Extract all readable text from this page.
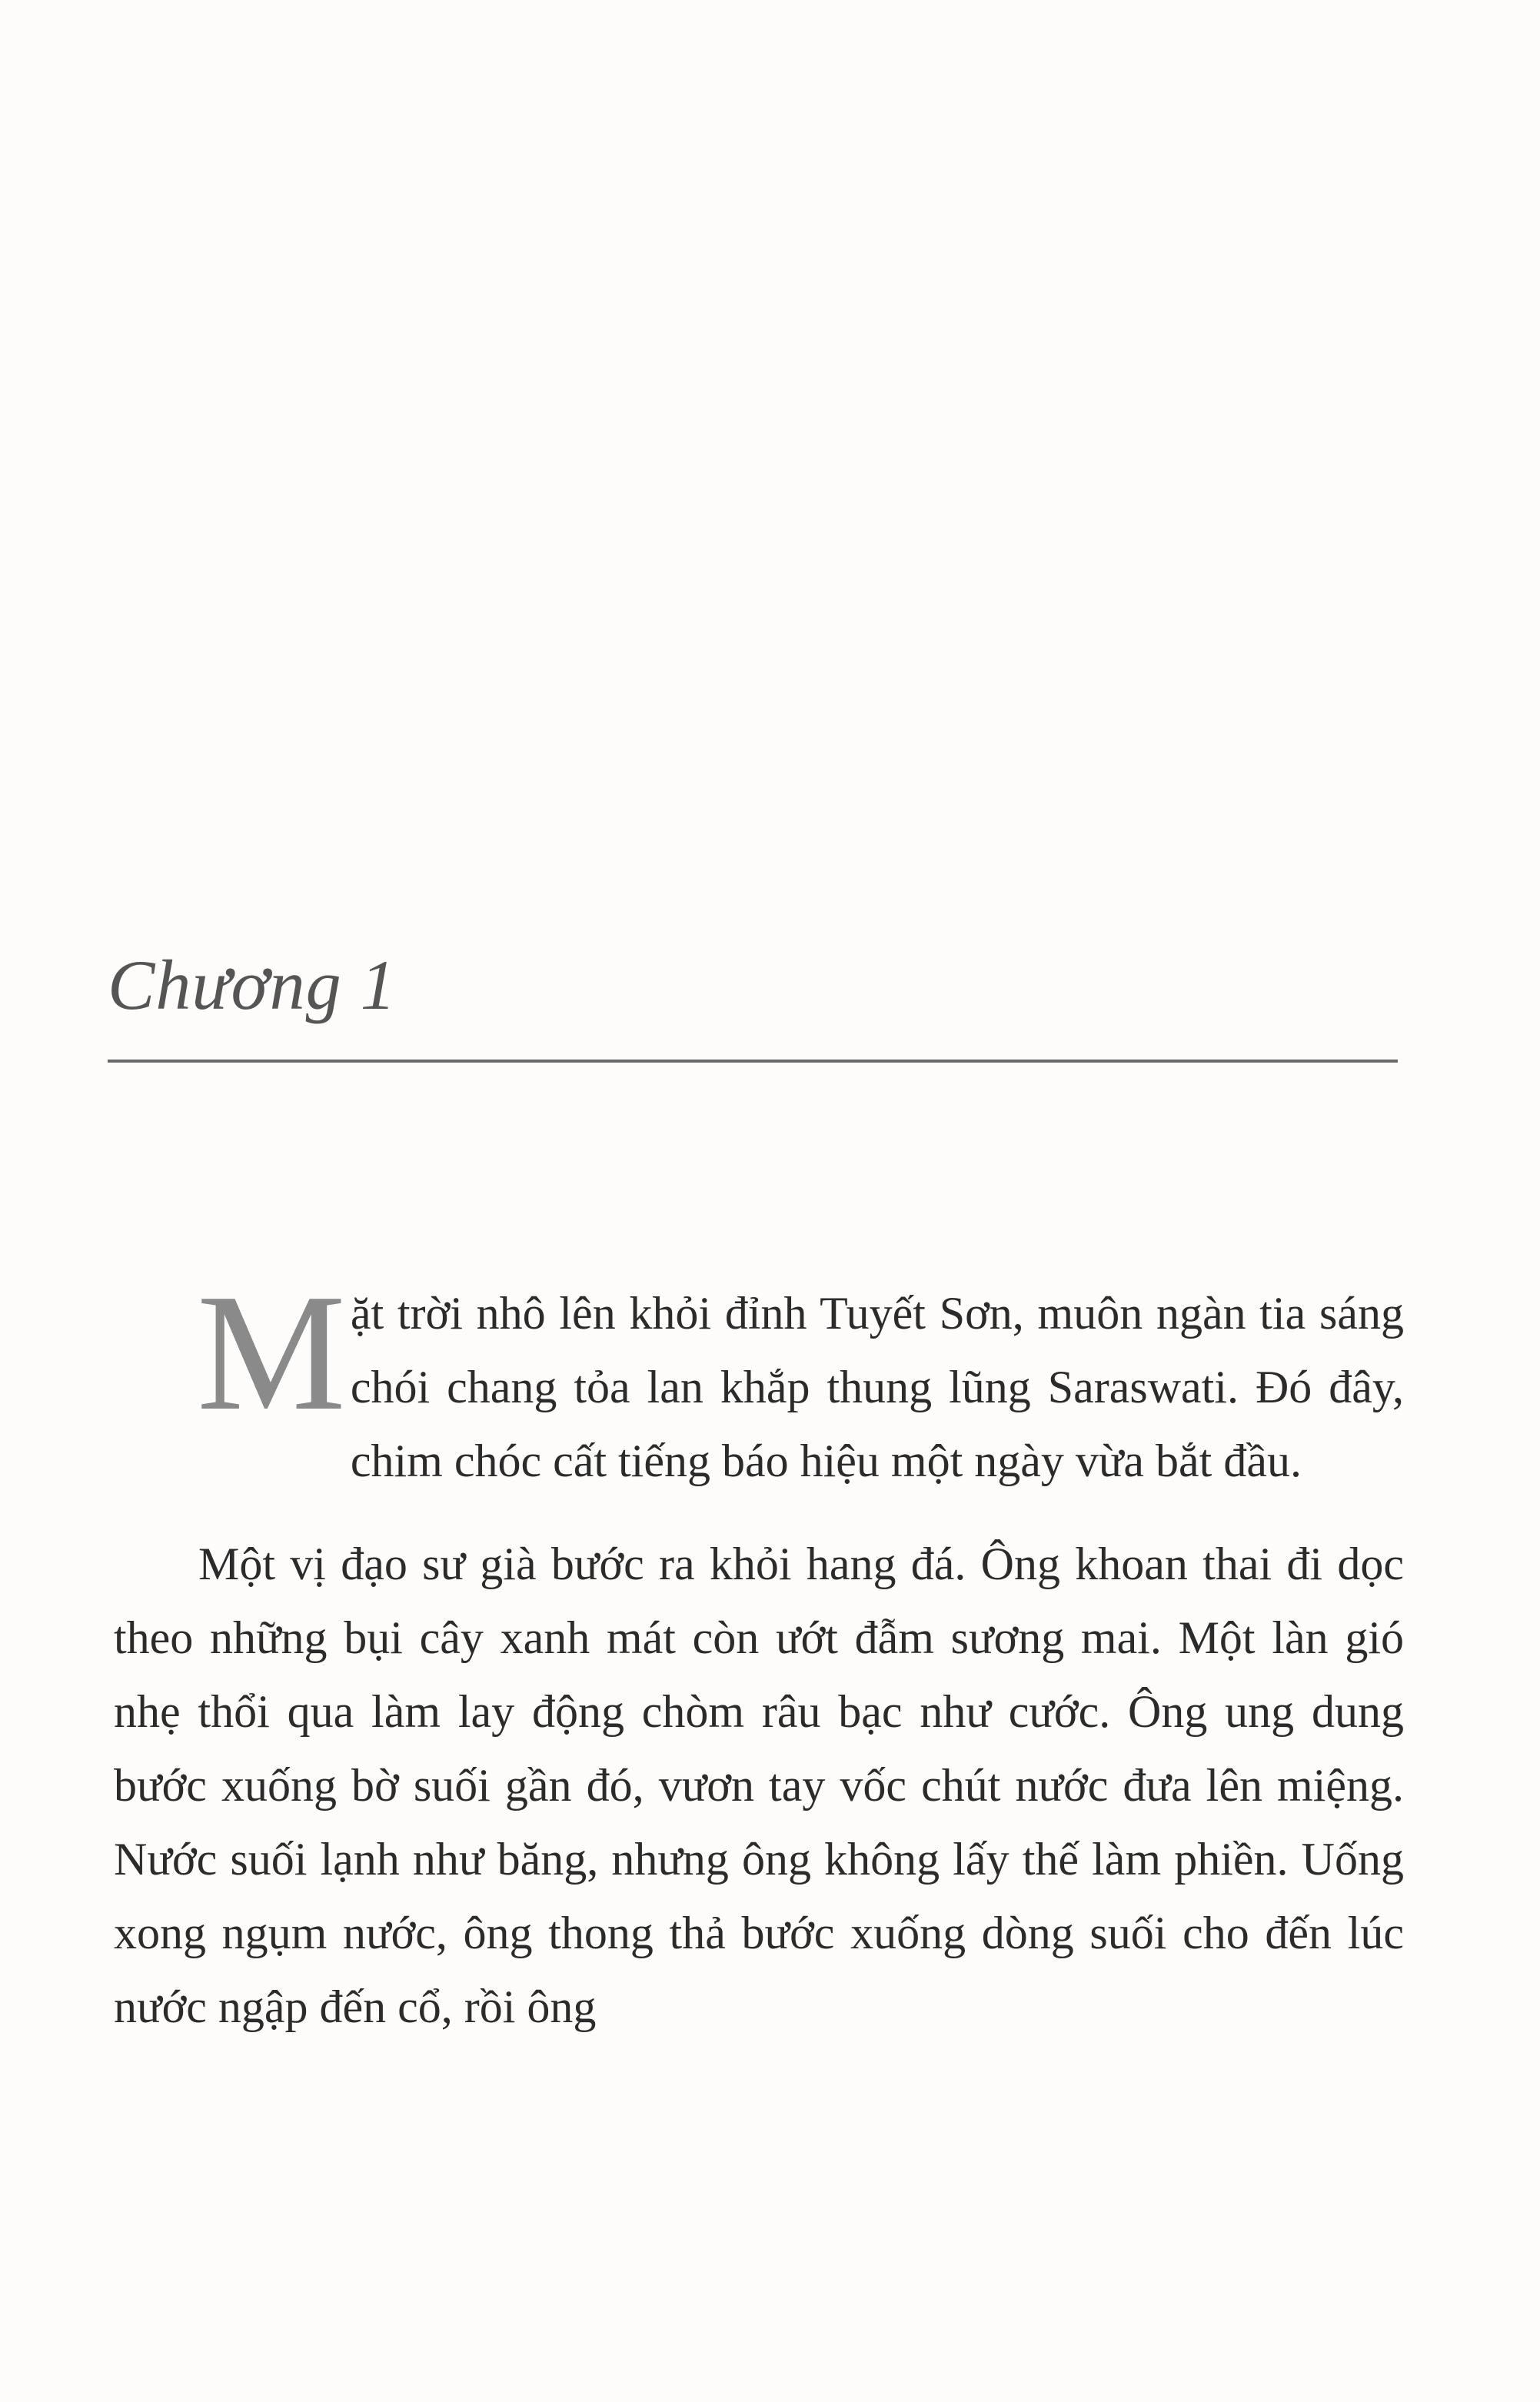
Chương 1

Mặt trời nhô lên khỏi đỉnh Tuyết Sơn, muôn ngàn tia sáng chói chang tỏa lan khắp thung lũng Saraswati. Đó đây, chim chóc cất tiếng báo hiệu một ngày vừa bắt đầu.

Một vị đạo sư già bước ra khỏi hang đá. Ông khoan thai đi dọc theo những bụi cây xanh mát còn ướt đẫm sương mai. Một làn gió nhẹ thổi qua làm lay động chòm râu bạc như cước. Ông ung dung bước xuống bờ suối gần đó, vươn tay vốc chút nước đưa lên miệng. Nước suối lạnh như băng, nhưng ông không lấy thế làm phiền. Uống xong ngụm nước, ông thong thả bước xuống dòng suối cho đến lúc nước ngập đến cổ, rồi ông
